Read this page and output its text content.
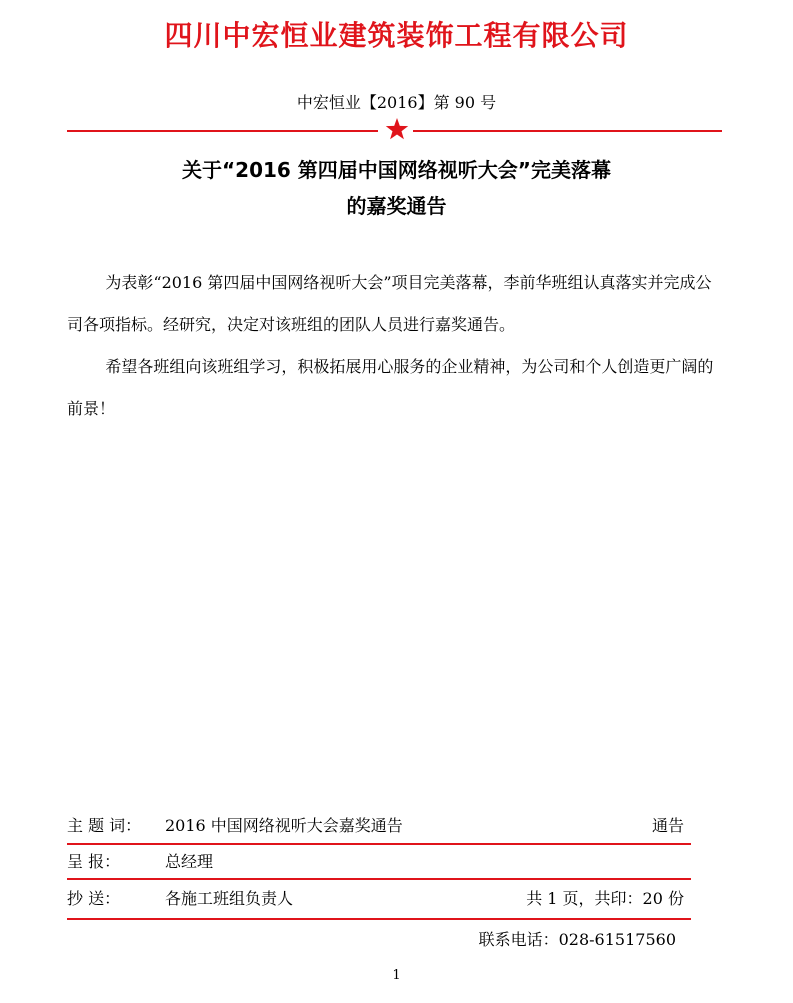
四川中宏恒业建筑装饰工程有限公司
中宏恒业【2016】第 90 号
关于“2016 第四届中国网络视听大会”完美落幕
的嘉奖通告

为表彰“2016 第四届中国网络视听大会”项目完美落幕，李前华班组认真落实并完成公司各项指标。经研究，决定对该班组的团队人员进行嘉奖通告。

希望各班组向该班组学习，积极拓展用心服务的企业精神，为公司和个人创造更广阔的前景！

主 题 词： 2016 中国网络视听大会嘉奖通告	通告
呈 报：	总经理
抄 送：	各施工班组负责人	共 1 页，共印：20 份
联系电话：028-61517560
1
